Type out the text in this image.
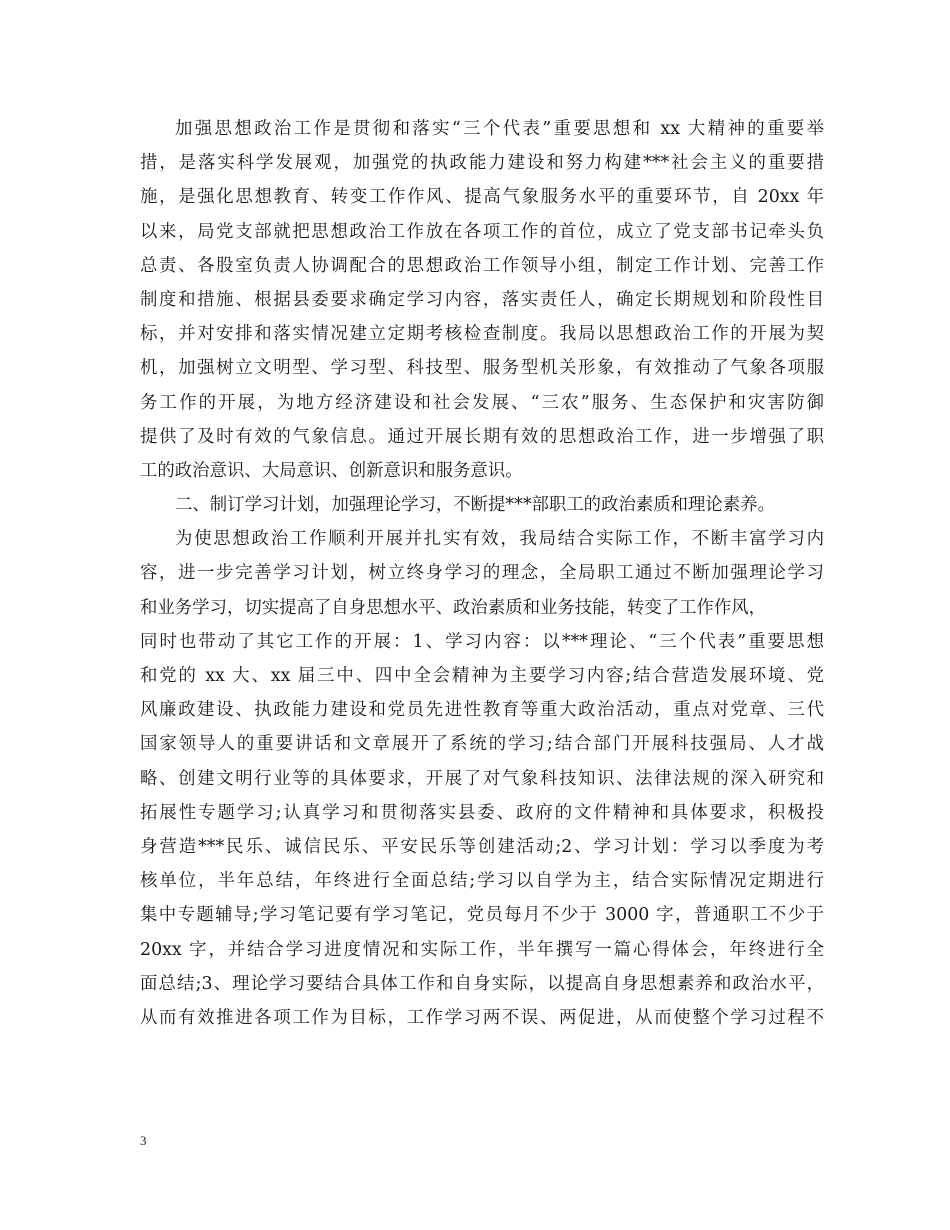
加强思想政治工作是贯彻和落实“三个代表”重要思想和 xx 大精神的重要举
措，是落实科学发展观，加强党的执政能力建设和努力构建***社会主义的重要措
施，是强化思想教育、转变工作作风、提高气象服务水平的重要环节，自 20xx 年
以来，局党支部就把思想政治工作放在各项工作的首位，成立了党支部书记牵头负
总责、各股室负责人协调配合的思想政治工作领导小组，制定工作计划、完善工作
制度和措施、根据县委要求确定学习内容，落实责任人，确定长期规划和阶段性目
标，并对安排和落实情况建立定期考核检查制度。我局以思想政治工作的开展为契
机，加强树立文明型、学习型、科技型、服务型机关形象，有效推动了气象各项服
务工作的开展，为地方经济建设和社会发展、“三农”服务、生态保护和灾害防御
提供了及时有效的气象信息。通过开展长期有效的思想政治工作，进一步增强了职
工的政治意识、大局意识、创新意识和服务意识。
二、制订学习计划，加强理论学习，不断提***部职工的政治素质和理论素养。
为使思想政治工作顺利开展并扎实有效，我局结合实际工作，不断丰富学习内
容，进一步完善学习计划，树立终身学习的理念，全局职工通过不断加强理论学习
和业务学习，切实提高了自身思想水平、政治素质和业务技能，转变了工作作风，
同时也带动了其它工作的开展：1、学习内容：以***理论、“三个代表”重要思想
和党的 xx 大、xx 届三中、四中全会精神为主要学习内容;结合营造发展环境、党
风廉政建设、执政能力建设和党员先进性教育等重大政治活动，重点对党章、三代
国家领导人的重要讲话和文章展开了系统的学习;结合部门开展科技强局、人才战
略、创建文明行业等的具体要求，开展了对气象科技知识、法律法规的深入研究和
拓展性专题学习;认真学习和贯彻落实县委、政府的文件精神和具体要求，积极投
身营造***民乐、诚信民乐、平安民乐等创建活动;2、学习计划：学习以季度为考
核单位，半年总结，年终进行全面总结;学习以自学为主，结合实际情况定期进行
集中专题辅导;学习笔记要有学习笔记，党员每月不少于 3000 字，普通职工不少于
20xx 字，并结合学习进度情况和实际工作，半年撰写一篇心得体会，年终进行全
面总结;3、理论学习要结合具体工作和自身实际，以提高自身思想素养和政治水平，
从而有效推进各项工作为目标，工作学习两不误、两促进，从而使整个学习过程不
3
